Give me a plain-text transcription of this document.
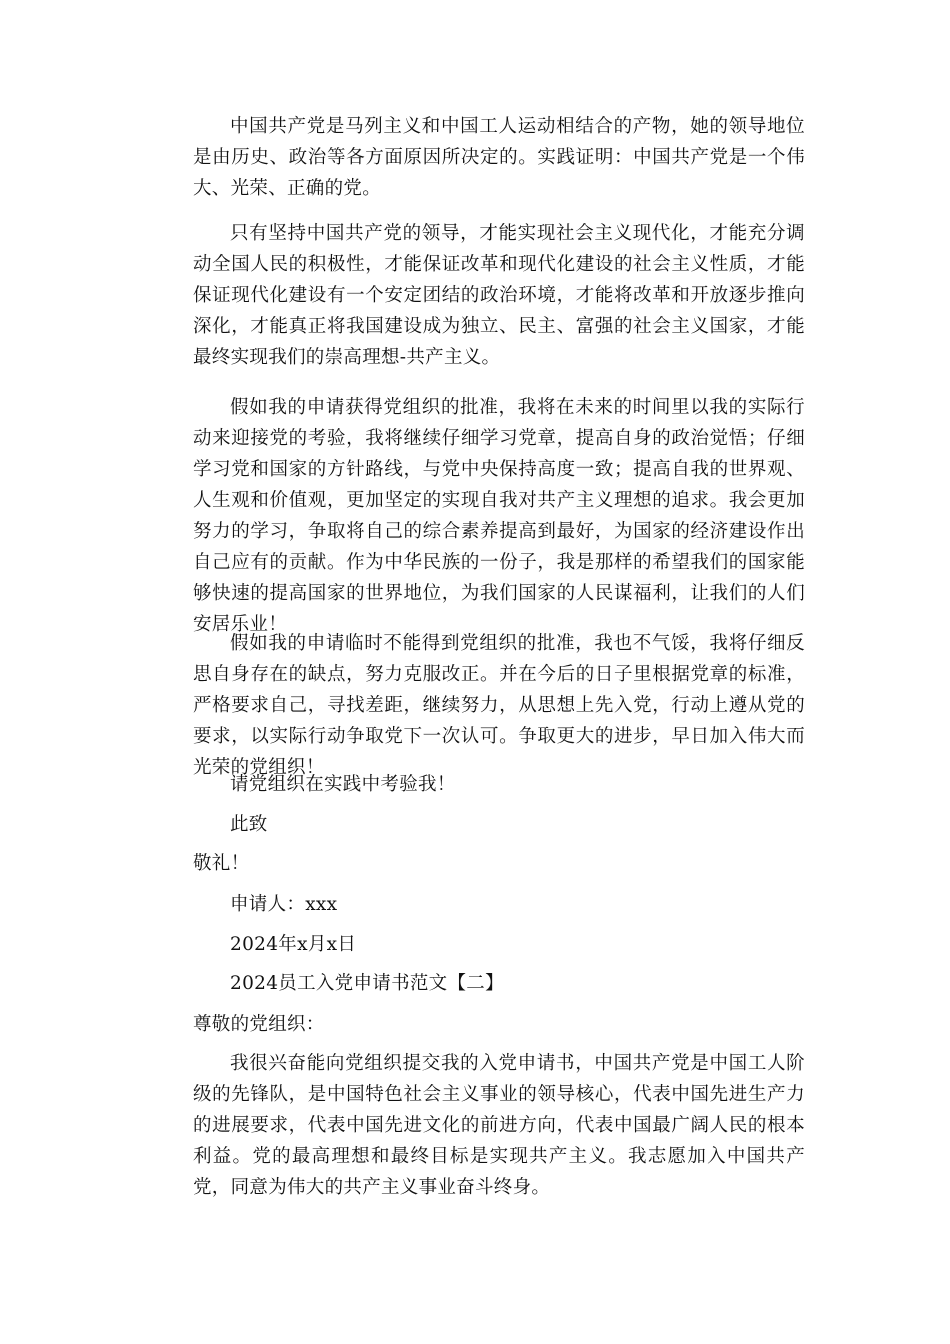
中国共产党是马列主义和中国工人运动相结合的产物，她的领导地位是由历史、政治等各方面原因所决定的。实践证明：中国共产党是一个伟大、光荣、正确的党。

只有坚持中国共产党的领导，才能实现社会主义现代化，才能充分调动全国人民的积极性，才能保证改革和现代化建设的社会主义性质，才能保证现代化建设有一个安定团结的政治环境，才能将改革和开放逐步推向深化，才能真正将我国建设成为独立、民主、富强的社会主义国家，才能最终实现我们的崇高理想-共产主义。

假如我的申请获得党组织的批准，我将在未来的时间里以我的实际行动来迎接党的考验，我将继续仔细学习党章，提高自身的政治觉悟；仔细学习党和国家的方针路线，与党中央保持高度一致；提高自我的世界观、人生观和价值观，更加坚定的实现自我对共产主义理想的追求。我会更加努力的学习，争取将自己的综合素养提高到最好，为国家的经济建设作出自己应有的贡献。作为中华民族的一份子，我是那样的希望我们的国家能够快速的提高国家的世界地位，为我们国家的人民谋福利，让我们的人们安居乐业！

假如我的申请临时不能得到党组织的批准，我也不气馁，我将仔细反思自身存在的缺点，努力克服改正。并在今后的日子里根据党章的标准，严格要求自己，寻找差距，继续努力，从思想上先入党，行动上遵从党的要求，以实际行动争取党下一次认可。争取更大的进步，早日加入伟大而光荣的党组织！

请党组织在实践中考验我！
此致
敬礼！
申请人：xxx
2024年x月x日
2024员工入党申请书范文【二】
尊敬的党组织：

我很兴奋能向党组织提交我的入党申请书，中国共产党是中国工人阶级的先锋队，是中国特色社会主义事业的领导核心，代表中国先进生产力的进展要求，代表中国先进文化的前进方向，代表中国最广阔人民的根本利益。党的最高理想和最终目标是实现共产主义。我志愿加入中国共产党，同意为伟大的共产主义事业奋斗终身。
